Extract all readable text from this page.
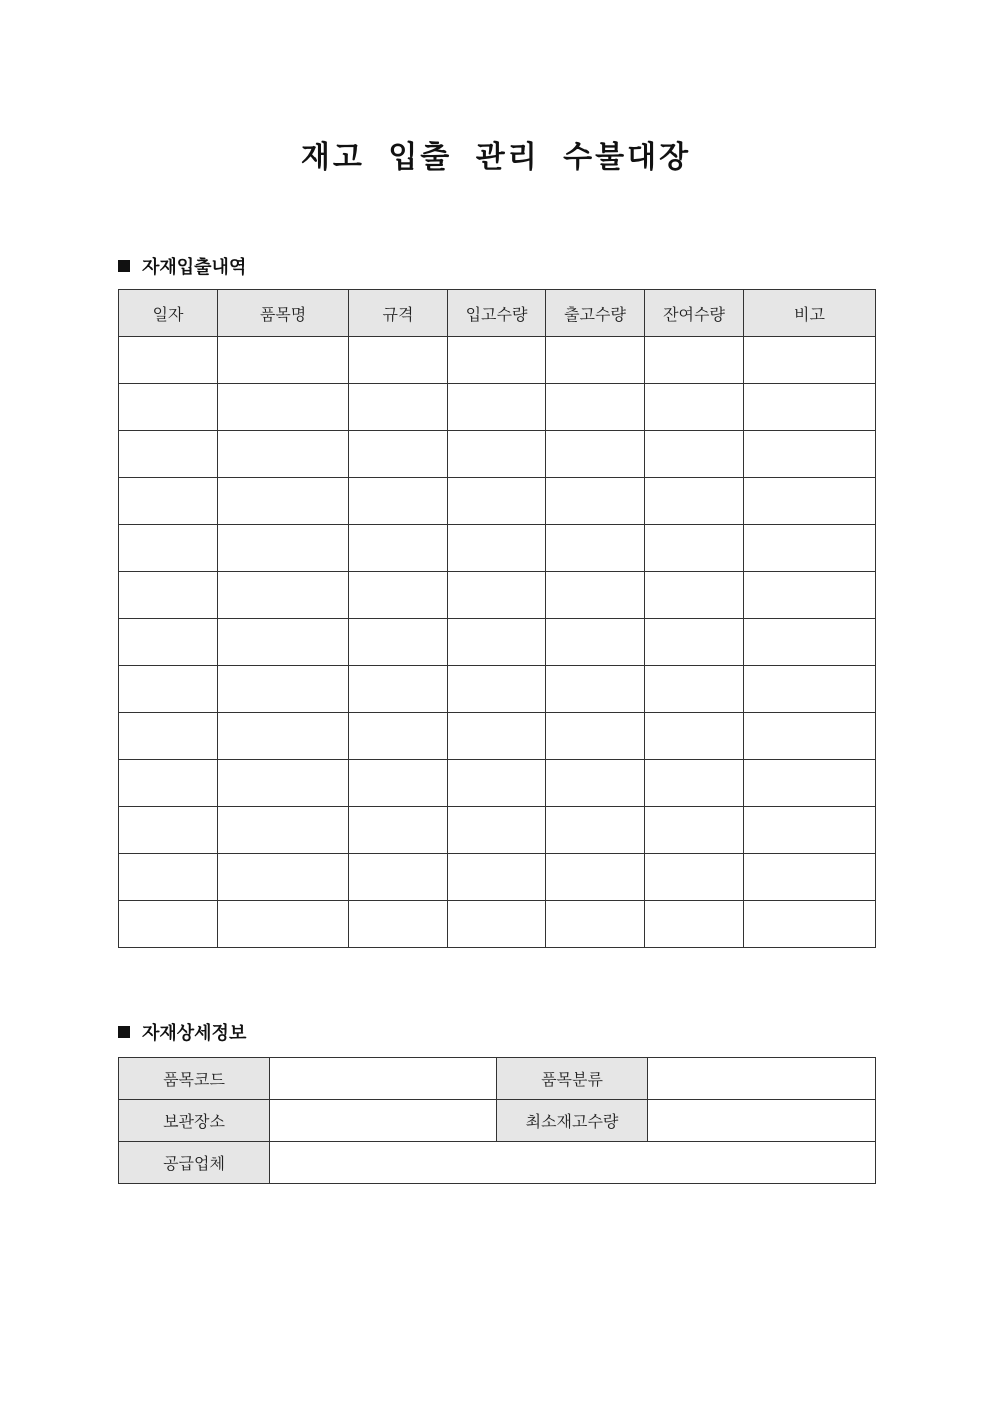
재고 입출 관리 수불대장
자재입출내역
일자	품목명	규격	입고수량	출고수량	잔여수량	비고

자재상세정보
품목코드		품목분류	
보관장소		최소재고수량	
공급업체			
